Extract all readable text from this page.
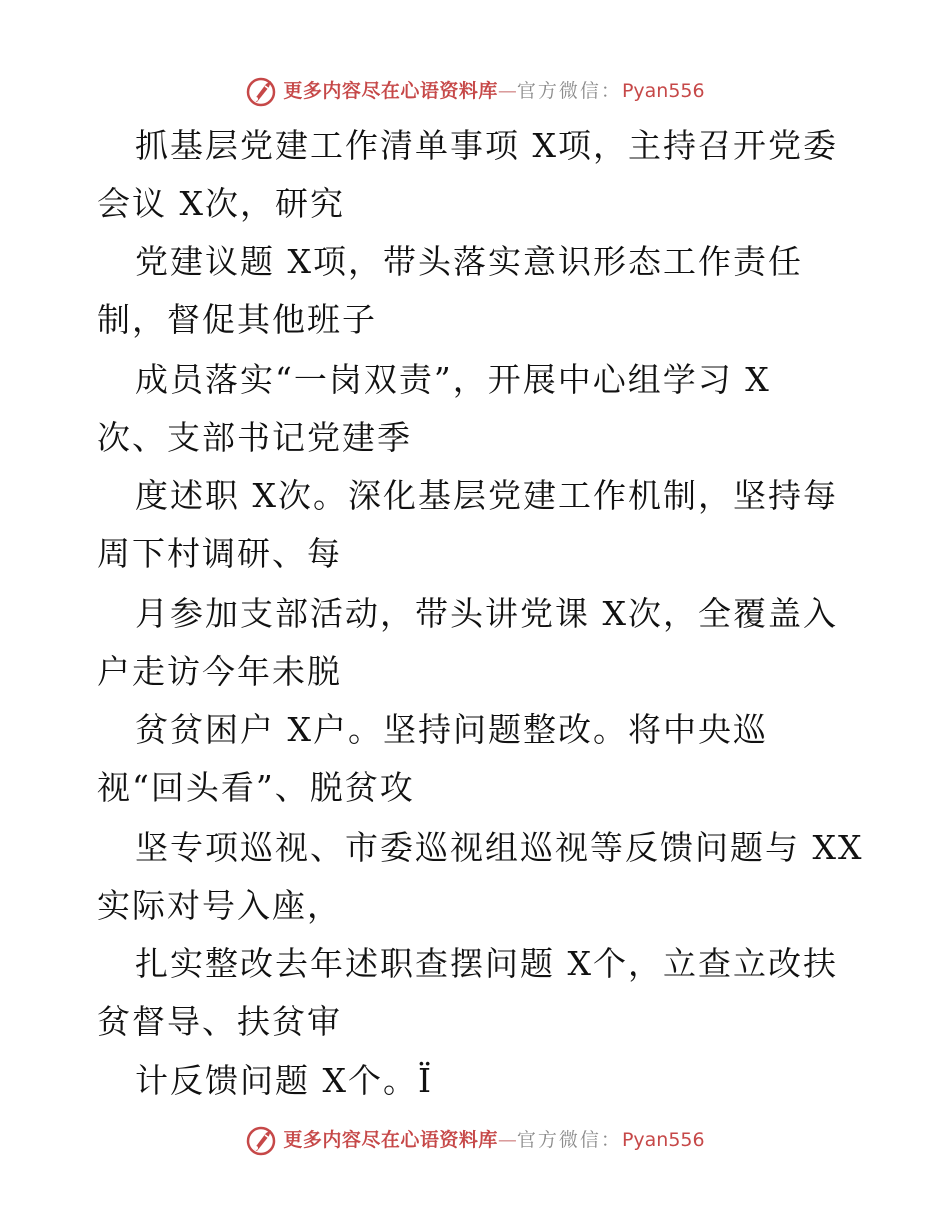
更多内容尽在心语资料库 — 官方微信： Pyan556
抓基层党建工作清单事项 X项，主持召开党委
会议 X次，研究
党建议题 X项，带头落实意识形态工作责任
制，督促其他班子
成员落实“一岗双责”，开展中心组学习 X
次、支部书记党建季
度述职 X次。深化基层党建工作机制，坚持每
周下村调研、每
月参加支部活动，带头讲党课 X次，全覆盖入
户走访今年未脱
贫贫困户 X户。坚持问题整改。将中央巡
视“回头看”、脱贫攻
坚专项巡视、市委巡视组巡视等反馈问题与 XX
实际对号入座，
扎实整改去年述职查摆问题 X个，立查立改扶
贫督导、扶贫审
计反馈问题 X个。Ï
更多内容尽在心语资料库 — 官方微信： Pyan556
